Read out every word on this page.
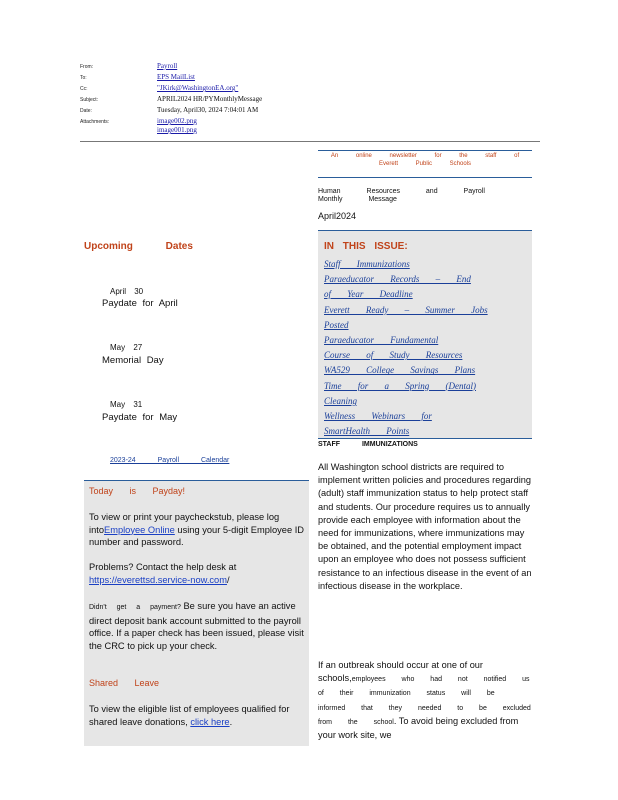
From:	Payroll
To:	EPS MailList
Cc:	"JKirk@WashingtonEA.org"
Subject:	APRIL2024 HR/PYMonthlyMessage
Date:	Tuesday, April30, 2024 7:04:01 AM
Attachments:	image002.png
image001.png
An online newsletter for the staff of
Everett Public Schools
Human Resources and Payroll
Monthly Message
April2024
IN THIS ISSUE:
Staff Immunizations
Paraeducator Records – End
of Year Deadline
Everett Ready – Summer Jobs
Posted
Paraeducator Fundamental
Course of Study Resources
WA529 College Savings Plans
Time for a Spring (Dental)
Cleaning
Wellness Webinars for
SmartHealth Points
STAFF IMMUNIZATIONS
All Washington school districts are required to implement written policies and procedures regarding (adult) staff immunization status to help protect staff and students. Our procedure requires us to annually provide each employee with information about the need for immunizations, where immunizations may be obtained, and the potential employment impact upon an employee who does not possess sufficient resistance to an infectious disease in the event of an infectious disease in the workplace.
If an outbreak should occur at one of our schools,employees who had not notified us of their immunization status will be informed that they needed to be excluded from the school. To avoid being excluded from your work site, we
Upcoming Dates
April 30
Paydate for April
May 27
Memorial Day
May 31
Paydate for May
2023-24 Payroll Calendar
Today is Payday!
To view or print your paycheckstub, please log intoEmployee Online using your 5-digit Employee ID number and password.
Problems? Contact the help desk at https://everettsd.service-now.com/
Didn't get a payment? Be sure you have an active direct deposit bank account submitted to the payroll office. If a paper check has been issued, please visit the CRC to pick up your check.
Shared Leave
To view the eligible list of employees qualified for shared leave donations, click here.
